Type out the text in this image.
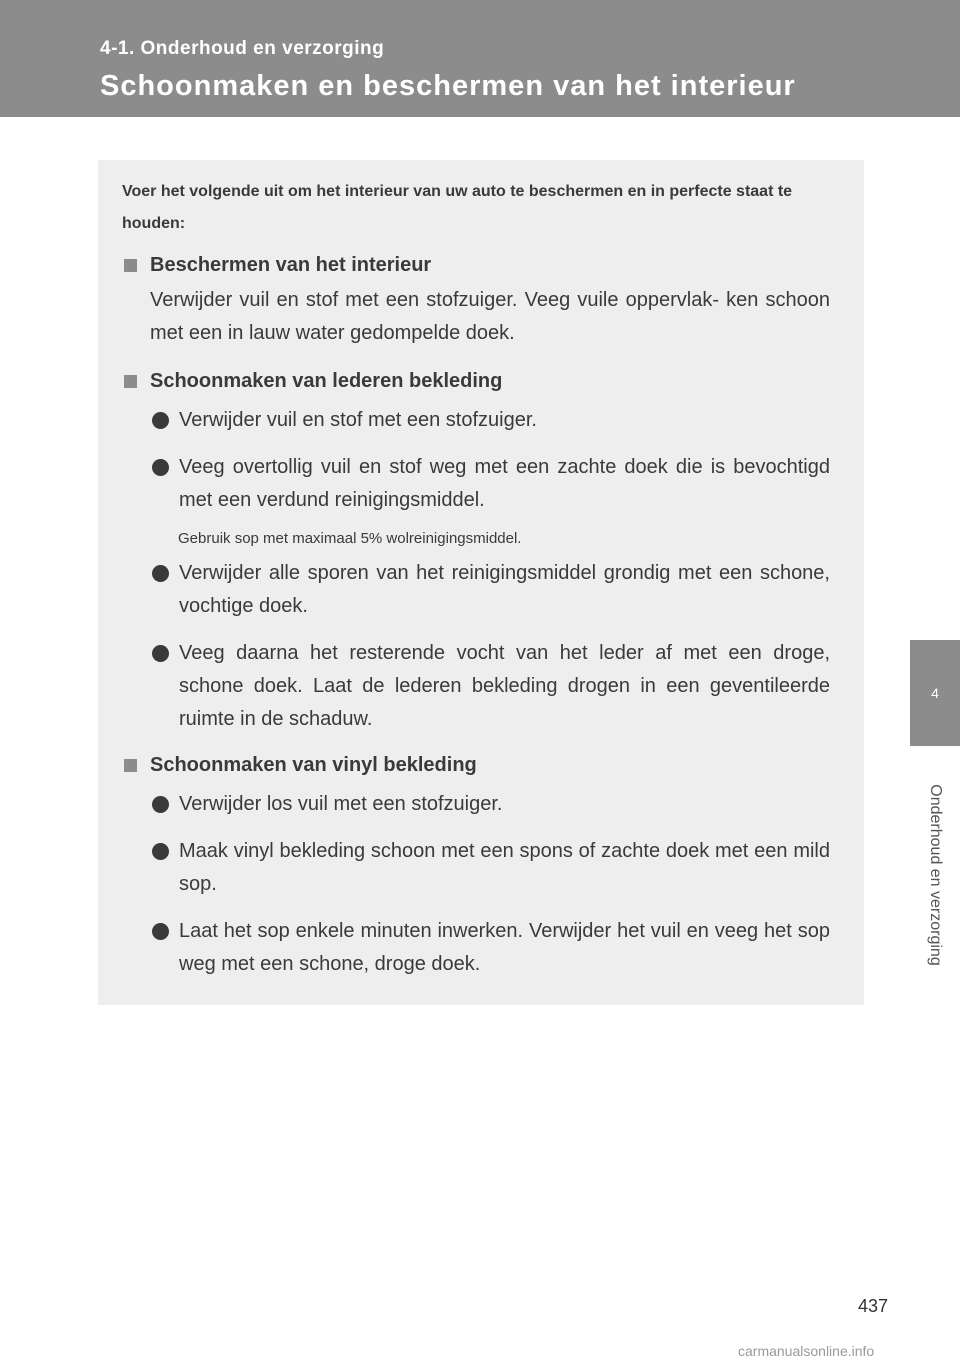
4-1. Onderhoud en verzorging
Schoonmaken en beschermen van het interieur
4
Onderhoud en verzorging

Voer het volgende uit om het interieur van uw auto te beschermen en in perfecte staat te houden:

Beschermen van het interieur
Verwijder vuil en stof met een stofzuiger. Veeg vuile oppervlak- ken schoon met een in lauw water gedompelde doek.
Schoonmaken van lederen bekleding
Verwijder vuil en stof met een stofzuiger.
Veeg overtollig vuil en stof weg met een zachte doek die is bevochtigd met een verdund reinigingsmiddel.
Gebruik sop met maximaal 5% wolreinigingsmiddel.
Verwijder alle sporen van het reinigingsmiddel grondig met een schone, vochtige doek.
Veeg daarna het resterende vocht van het leder af met een droge, schone doek. Laat de lederen bekleding drogen in een geventileerde ruimte in de schaduw.
Schoonmaken van vinyl bekleding
Verwijder los vuil met een stofzuiger.
Maak vinyl bekleding schoon met een spons of zachte doek met een mild sop.
Laat het sop enkele minuten inwerken. Verwijder het vuil en veeg het sop weg met een schone, droge doek.
437
carmanualsonline.info
